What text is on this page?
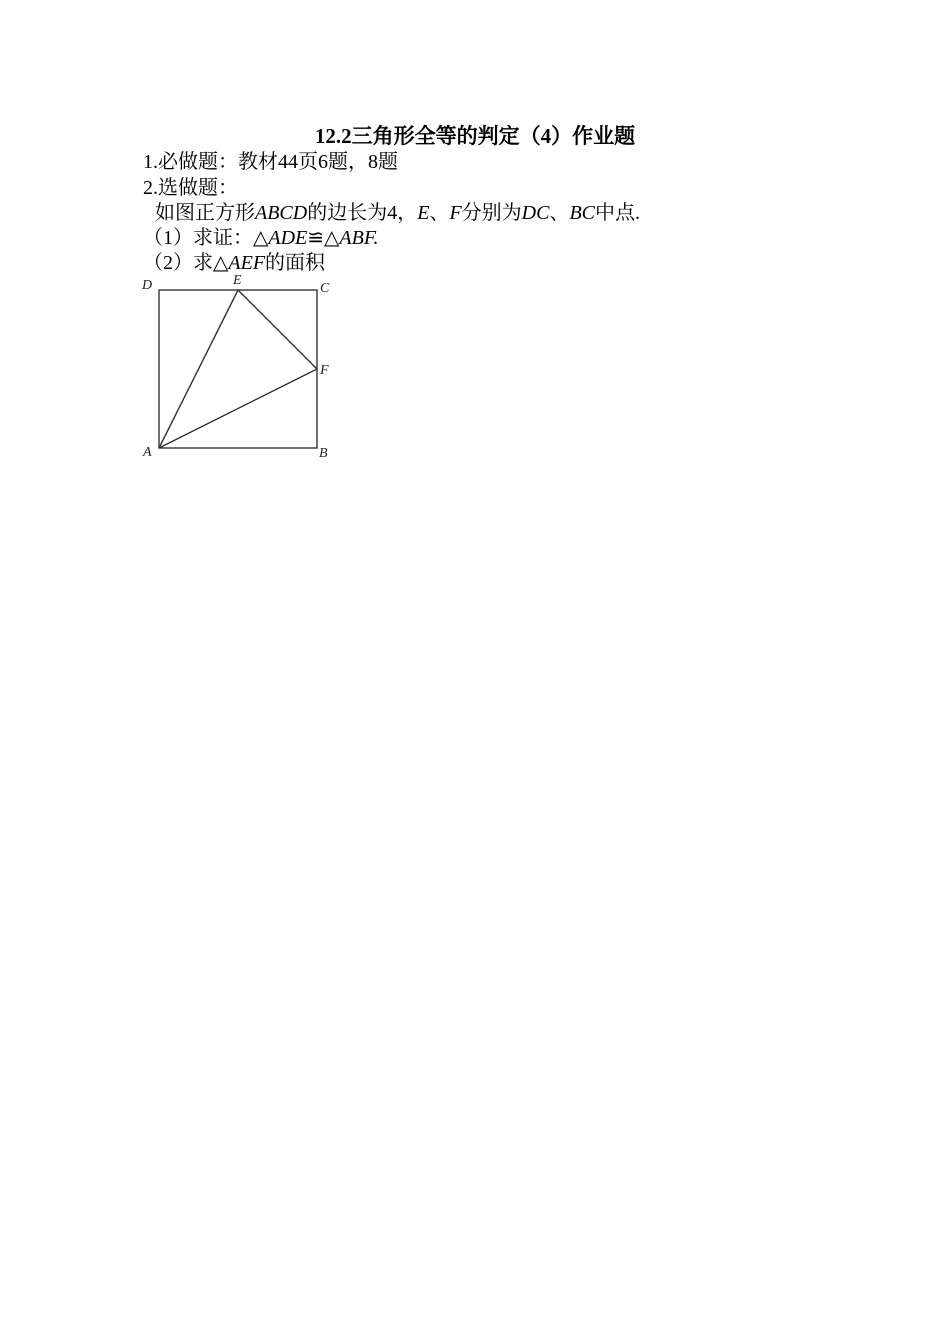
12.2三角形全等的判定（4）作业题
1.必做题：教材44页6题，8题
2.选做题：
如图正方形ABCD的边长为4，E、F分别为DC、BC中点.
（1）求证：△ADE≌△ABF.
（2）求△AEF的面积
D	E
C
F
A	B
